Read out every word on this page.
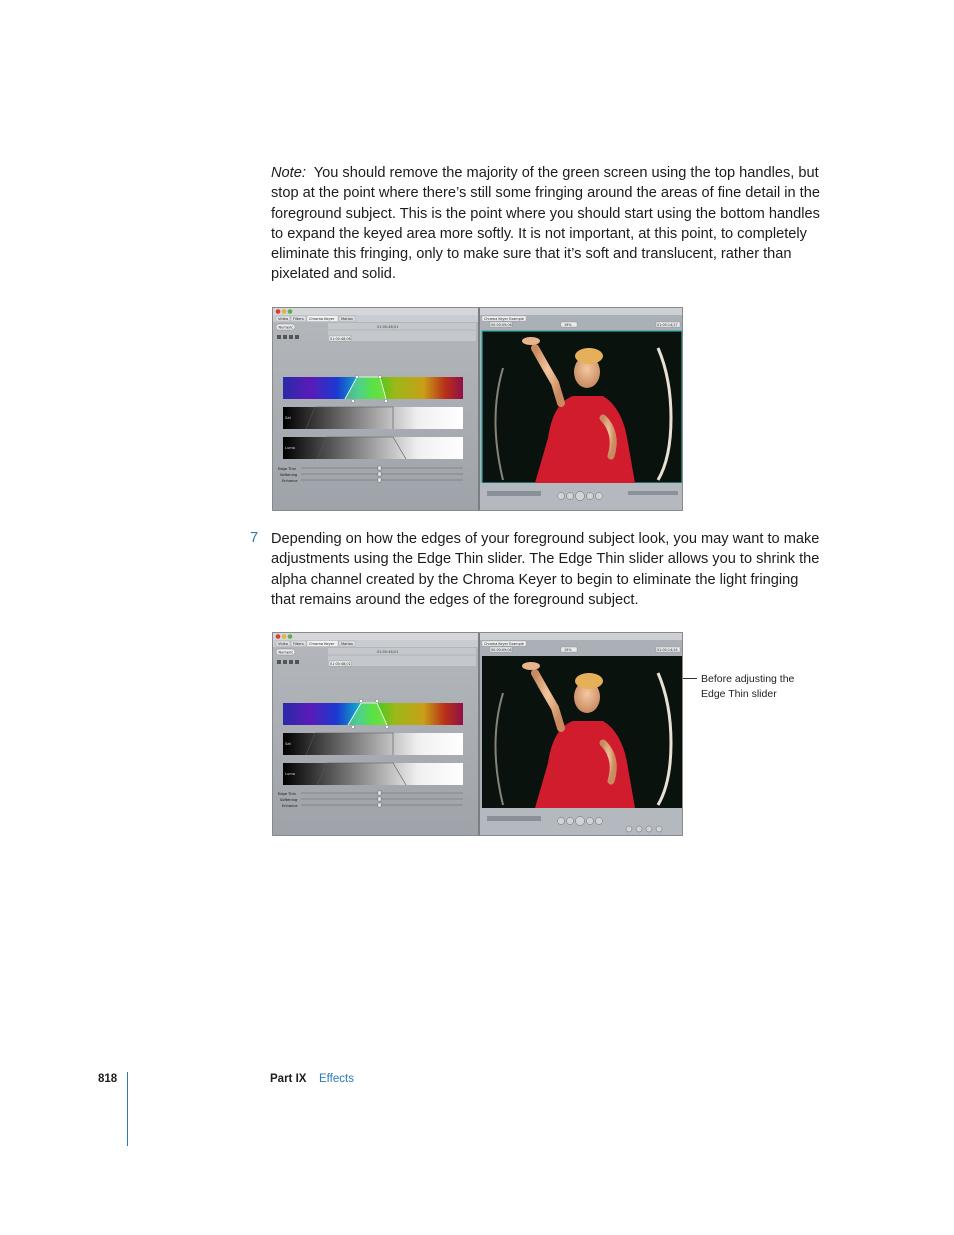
Note: You should remove the majority of the green screen using the top handles, but stop at the point where there’s still some fringing around the areas of fine detail in the foreground subject. This is the point where you should start using the bottom handles to expand the keyed area more softly. It is not important, at this point, to completely eliminate this fringing, only to make sure that it’s soft and translucent, rather than pixelated and solid.
Video Filters Chroma Keyer Motion
Numeric	01:00:48;01
01:00:48;08
Sat
Luma
Edge Thin
Softening
Enhance
Chroma Keyer Example
00:00:09;04	19%	01:00:14;27
7 Depending on how the edges of your foreground subject look, you may want to make adjustments using the Edge Thin slider. The Edge Thin slider allows you to shrink the alpha channel created by the Chroma Keyer to begin to eliminate the light fringing that remains around the edges of the foreground subject.
Video Filters Chroma Keyer Motion
Numeric	01:00:48;01
01:00:48;01
Sat
Luma
Edge Thin
Softening
Enhance
Chroma Keyer Example
00:00:09;04	19%	01:00:14;24
Before adjusting the Edge Thin slider
818	Part IX Effects
